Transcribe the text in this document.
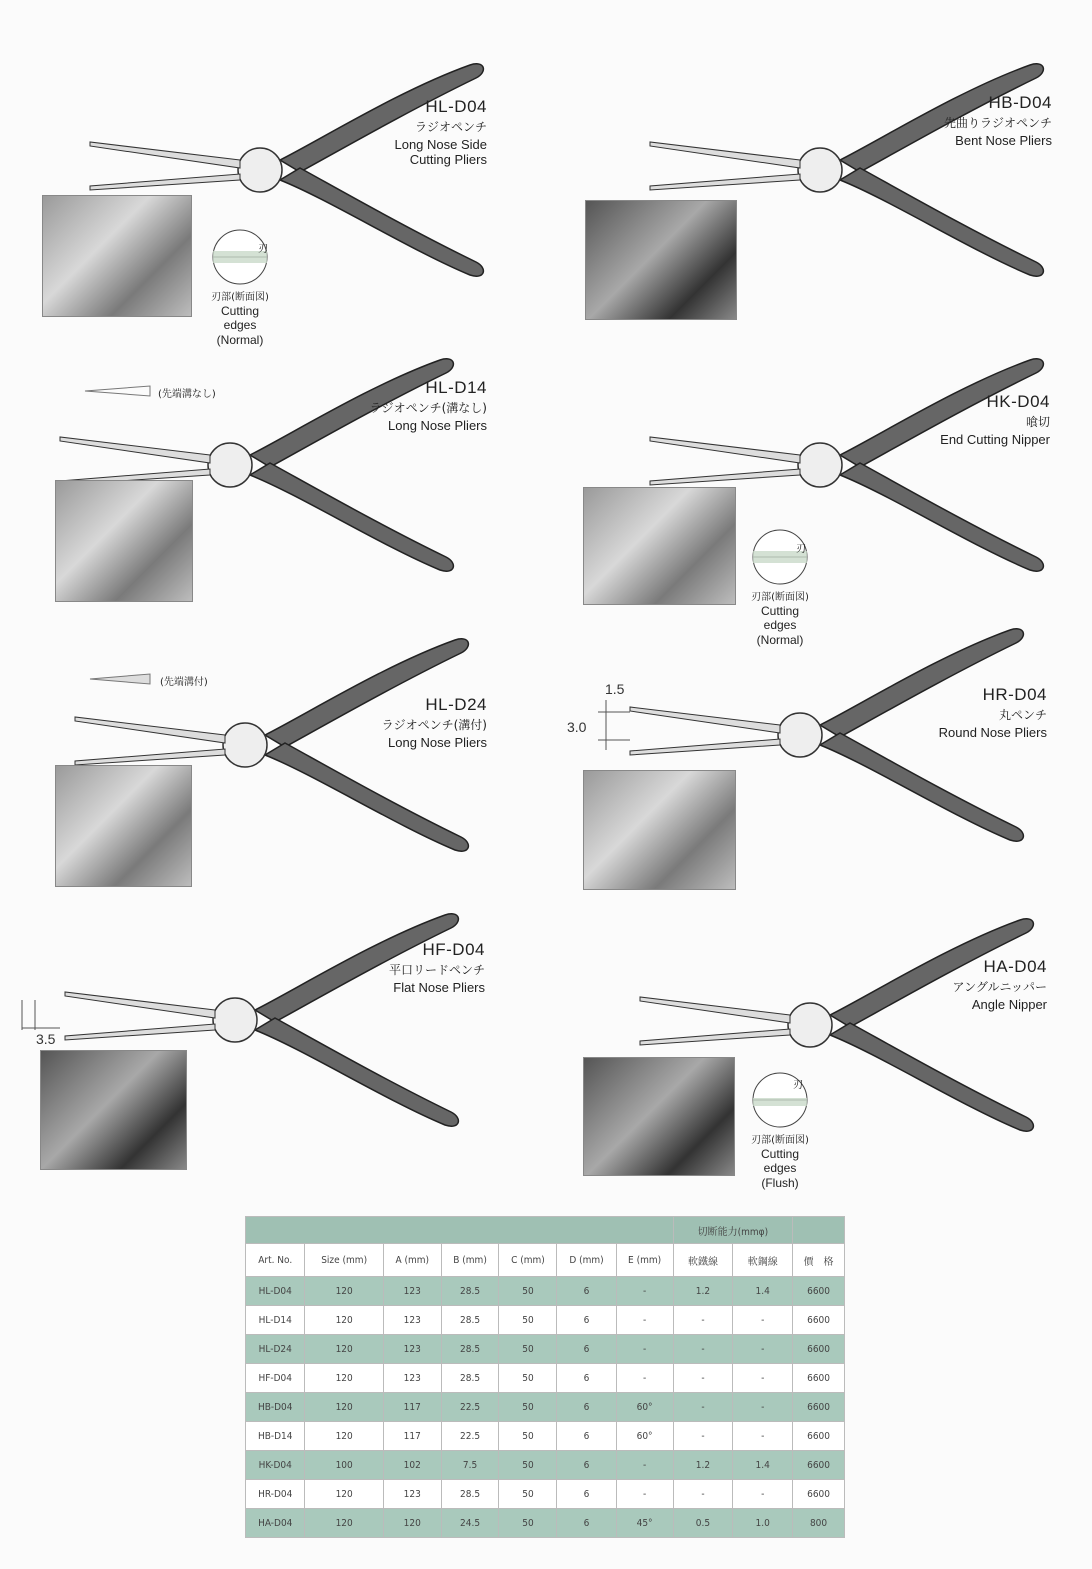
HL-D04
ラジオペンチ
Long Nose Side Cutting Pliers
HB-D04
先曲りラジオペンチ
Bent Nose Pliers
HL-D14
ラジオペンチ(溝なし)
Long Nose Pliers
HK-D04
喰切
End Cutting Nipper
HL-D24
ラジオペンチ(溝付)
Long Nose Pliers
HR-D04
丸ペンチ
Round Nose Pliers
HF-D04
平口リードペンチ
Flat Nose Pliers
HA-D04
アングルニッパー
Angle Nipper
刃部(断面図)
Cutting edges (Normal)
刃部(断面図)
Cutting edges (Normal)
刃部(断面図)
Cutting edges (Flush)
刃
刃
刃
(先端溝なし)
(先端溝付)	1.5
3.0
3.5
							切断能力(mmφ)		
Art. No.	Size (mm)	A (mm)	B (mm)	C (mm)	D (mm)	E (mm)	軟鐵線	軟鋼線	價　格
HL-D04	120	123	28.5	50	6	-	1.2	1.4	6600
HL-D14	120	123	28.5	50	6	-	-	-	6600
HL-D24	120	123	28.5	50	6	-	-	-	6600
HF-D04	120	123	28.5	50	6	-	-	-	6600
HB-D04	120	117	22.5	50	6	60°	-	-	6600
HB-D14	120	117	22.5	50	6	60°	-	-	6600
HK-D04	100	102	7.5	50	6	-	1.2	1.4	6600
HR-D04	120	123	28.5	50	6	-	-	-	6600
HA-D04	120	120	24.5	50	6	45°	0.5	1.0	800
